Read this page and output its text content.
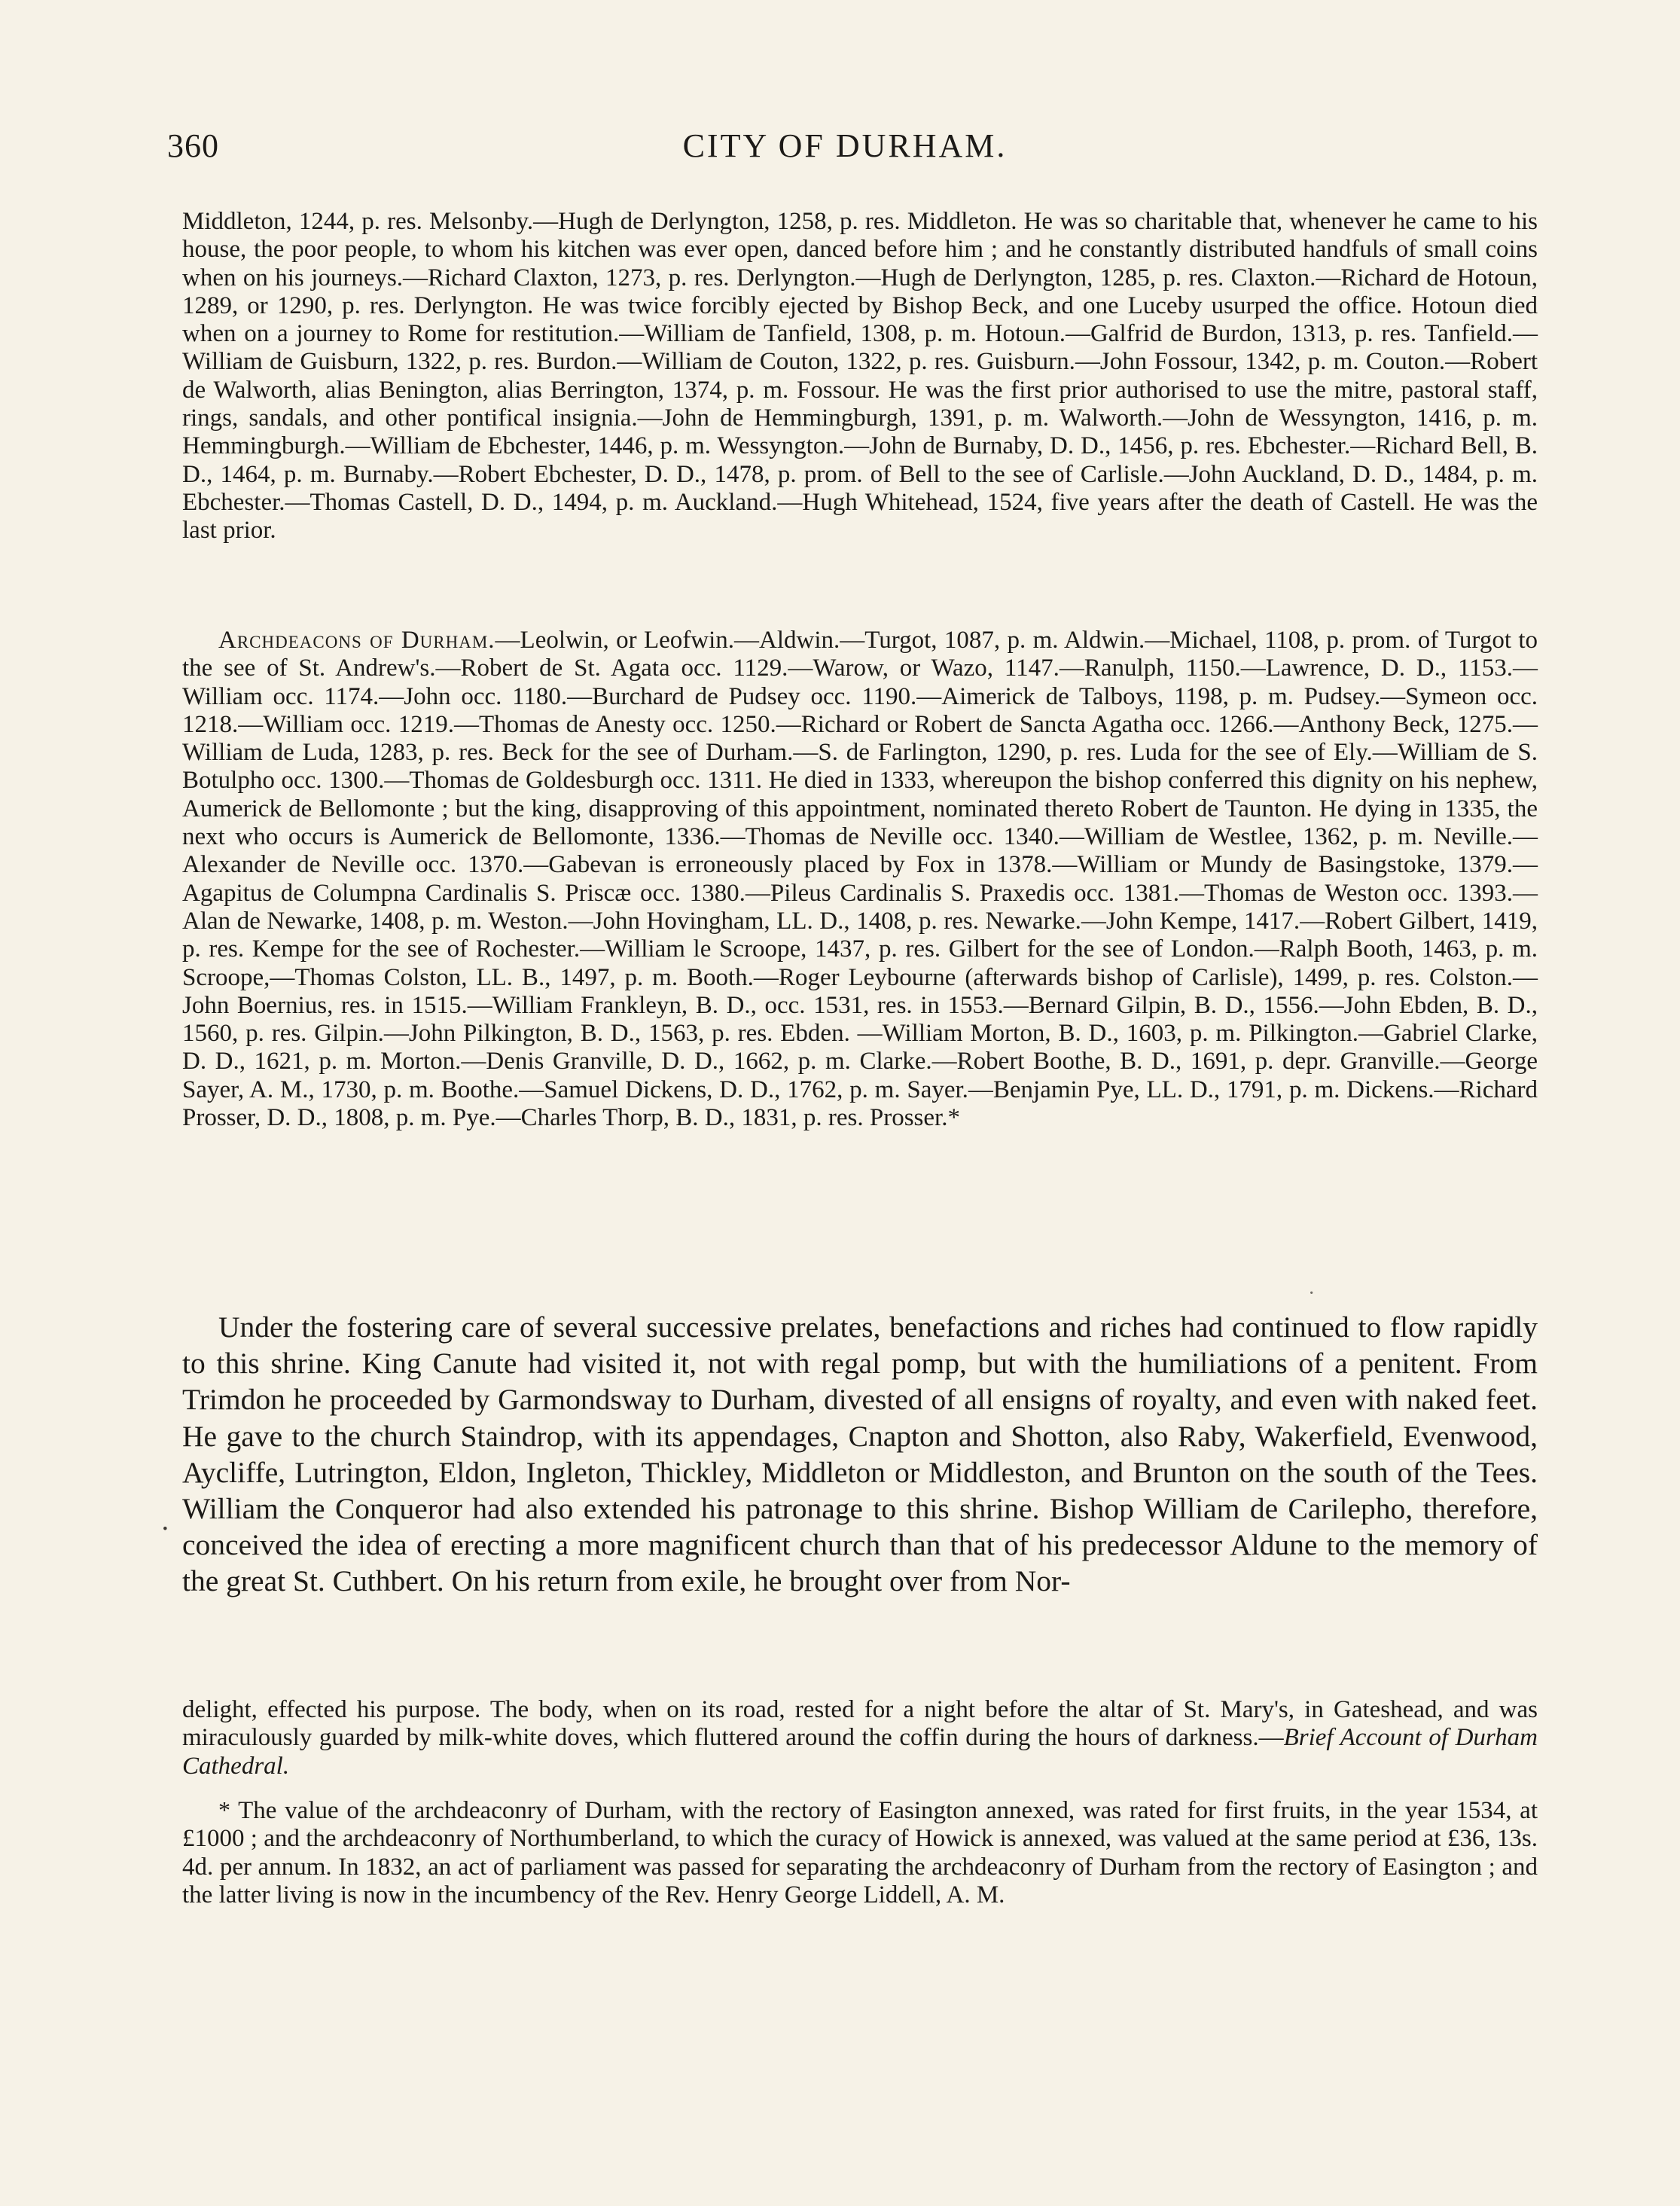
360	CITY OF DURHAM.
Middleton, 1244, p. res. Melsonby.—Hugh de Derlyngton, 1258, p. res. Middleton. He was so charitable that, whenever he came to his house, the poor people, to whom his kitchen was ever open, danced before him ; and he constantly distributed handfuls of small coins when on his journeys.—Richard Claxton, 1273, p. res. Derlyngton.—Hugh de Derlyngton, 1285, p. res. Claxton.—Richard de Hotoun, 1289, or 1290, p. res. Derlyngton. He was twice forcibly ejected by Bishop Beck, and one Luceby usurped the office. Hotoun died when on a journey to Rome for restitution.—William de Tanfield, 1308, p. m. Hotoun.—Galfrid de Burdon, 1313, p. res. Tanfield.—William de Guisburn, 1322, p. res. Burdon.—William de Couton, 1322, p. res. Guisburn.—John Fossour, 1342, p. m. Couton.—Robert de Walworth, alias Benington, alias Berrington, 1374, p. m. Fossour. He was the first prior authorised to use the mitre, pastoral staff, rings, sandals, and other pontifical insignia.—John de Hemmingburgh, 1391, p. m. Walworth.—John de Wessyngton, 1416, p. m. Hemmingburgh.—William de Ebchester, 1446, p. m. Wessyngton.—John de Burnaby, D. D., 1456, p. res. Ebchester.—Richard Bell, B. D., 1464, p. m. Burnaby.—Robert Ebchester, D. D., 1478, p. prom. of Bell to the see of Carlisle.—John Auckland, D. D., 1484, p. m. Ebchester.—Thomas Castell, D. D., 1494, p. m. Auckland.—Hugh Whitehead, 1524, five years after the death of Castell. He was the last prior.
Archdeacons of Durham.—Leolwin, or Leofwin.—Aldwin.—Turgot, 1087, p. m. Aldwin.—Michael, 1108, p. prom. of Turgot to the see of St. Andrew's.—Robert de St. Agata occ. 1129.—Warow, or Wazo, 1147.—Ranulph, 1150.—Lawrence, D. D., 1153.—William occ. 1174.—John occ. 1180.—Burchard de Pudsey occ. 1190.—Aimerick de Talboys, 1198, p. m. Pudsey.—Symeon occ. 1218.—William occ. 1219.—Thomas de Anesty occ. 1250.—Richard or Robert de Sancta Agatha occ. 1266.—Anthony Beck, 1275.—William de Luda, 1283, p. res. Beck for the see of Durham.—S. de Farlington, 1290, p. res. Luda for the see of Ely.—William de S. Botulpho occ. 1300.—Thomas de Goldesburgh occ. 1311. He died in 1333, whereupon the bishop conferred this dignity on his nephew, Aumerick de Bellomonte ; but the king, disapproving of this appointment, nominated thereto Robert de Taunton. He dying in 1335, the next who occurs is Aumerick de Bellomonte, 1336.—Thomas de Neville occ. 1340.—William de Westlee, 1362, p. m. Neville.—Alexander de Neville occ. 1370.—Gabevan is erroneously placed by Fox in 1378.—William or Mundy de Basingstoke, 1379.—Agapitus de Columpna Cardinalis S. Priscæ occ. 1380.—Pileus Cardinalis S. Praxedis occ. 1381.—Thomas de Weston occ. 1393.—Alan de Newarke, 1408, p. m. Weston.—John Hovingham, LL. D., 1408, p. res. Newarke.—John Kempe, 1417.—Robert Gilbert, 1419, p. res. Kempe for the see of Rochester.—William le Scroope, 1437, p. res. Gilbert for the see of London.—Ralph Booth, 1463, p. m. Scroope,—Thomas Colston, LL. B., 1497, p. m. Booth.—Roger Leybourne (afterwards bishop of Carlisle), 1499, p. res. Colston.—John Boernius, res. in 1515.—William Frankleyn, B. D., occ. 1531, res. in 1553.—Bernard Gilpin, B. D., 1556.—John Ebden, B. D., 1560, p. res. Gilpin.—John Pilkington, B. D., 1563, p. res. Ebden. —William Morton, B. D., 1603, p. m. Pilkington.—Gabriel Clarke, D. D., 1621, p. m. Morton.—Denis Granville, D. D., 1662, p. m. Clarke.—Robert Boothe, B. D., 1691, p. depr. Granville.—George Sayer, A. M., 1730, p. m. Boothe.—Samuel Dickens, D. D., 1762, p. m. Sayer.—Benjamin Pye, LL. D., 1791, p. m. Dickens.—Richard Prosser, D. D., 1808, p. m. Pye.—Charles Thorp, B. D., 1831, p. res. Prosser.*
Under the fostering care of several successive prelates, benefactions and riches had continued to flow rapidly to this shrine. King Canute had visited it, not with regal pomp, but with the humiliations of a penitent. From Trimdon he proceeded by Garmondsway to Durham, divested of all ensigns of royalty, and even with naked feet. He gave to the church Staindrop, with its appendages, Cnapton and Shotton, also Raby, Wakerfield, Evenwood, Aycliffe, Lutrington, Eldon, Ingleton, Thickley, Middleton or Middleston, and Brunton on the south of the Tees. William the Conqueror had also extended his patronage to this shrine. Bishop William de Carilepho, therefore, conceived the idea of erecting a more magnificent church than that of his predecessor Aldune to the memory of the great St. Cuthbert. On his return from exile, he brought over from Nor-
delight, effected his purpose. The body, when on its road, rested for a night before the altar of St. Mary's, in Gateshead, and was miraculously guarded by milk-white doves, which fluttered around the coffin during the hours of darkness.—Brief Account of Durham Cathedral.
* The value of the archdeaconry of Durham, with the rectory of Easington annexed, was rated for first fruits, in the year 1534, at £1000 ; and the archdeaconry of Northumberland, to which the curacy of Howick is annexed, was valued at the same period at £36, 13s. 4d. per annum. In 1832, an act of parliament was passed for separating the archdeaconry of Durham from the rectory of Easington ; and the latter living is now in the incumbency of the Rev. Henry George Liddell, A. M.
·
·
